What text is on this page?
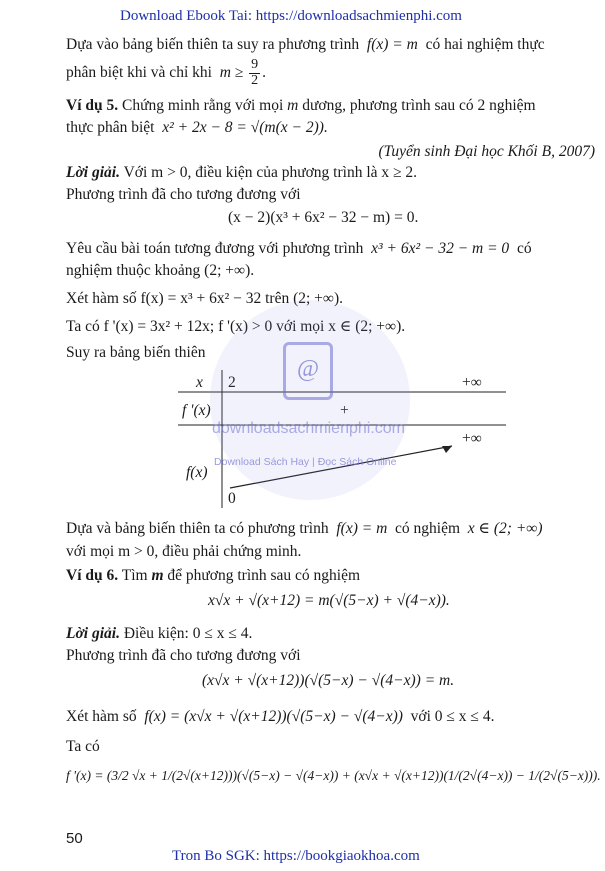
Download Ebook Tai: https://downloadsachmienphi.com
Dựa vào bảng biến thiên ta suy ra phương trình f(x) = m có hai nghiệm thực
phân biệt khi và chỉ khi $m \ge \frac{9}{2}$ .
Ví dụ 5. Chứng minh rằng với mọi m dương, phương trình sau có 2 nghiệm
thực phân biệt x² + 2x − 8 = √(m(x − 2)).
(Tuyển sinh Đại học Khối B, 2007)
Lời giải. Với m > 0, điều kiện của phương trình là x ≥ 2.
Phương trình đã cho tương đương với
(x − 2)(x³ + 6x² − 32 − m) = 0.
Yêu cầu bài toán tương đương với phương trình x³ + 6x² − 32 − m = 0 có
nghiệm thuộc khoảng (2; +∞).
Xét hàm số f(x) = x³ + 6x² − 32 trên (2; +∞).
Ta có f '(x) = 3x² + 12x; f '(x) > 0 với mọi x ∈ (2; +∞).
Suy ra bảng biến thiên
x 2	+∞
f '(x)	+
+∞
f(x)
0
@
downloadsachmienphi.com
Download Sách Hay | Đọc Sách Online
Dựa và bảng biến thiên ta có phương trình f(x) = m có nghiệm x ∈ (2; +∞)
với mọi m > 0, điều phải chứng minh.
Ví dụ 6. Tìm m để phương trình sau có nghiệm
x√x + √(x+12) = m(√(5−x) + √(4−x)).
Lời giải. Điều kiện: 0 ≤ x ≤ 4.
Phương trình đã cho tương đương với
(x√x + √(x+12))(√(5−x) − √(4−x)) = m.
Xét hàm số f(x) = (x√x + √(x+12))(√(5−x) − √(4−x)) với 0 ≤ x ≤ 4.
Ta có
f '(x) = (3/2 √x + 1/(2√(x+12)))(√(5−x) − √(4−x)) + (x√x + √(x+12))(1/(2√(4−x)) − 1/(2√(5−x))).
50
Tron Bo SGK: https://bookgiaokhoa.com
